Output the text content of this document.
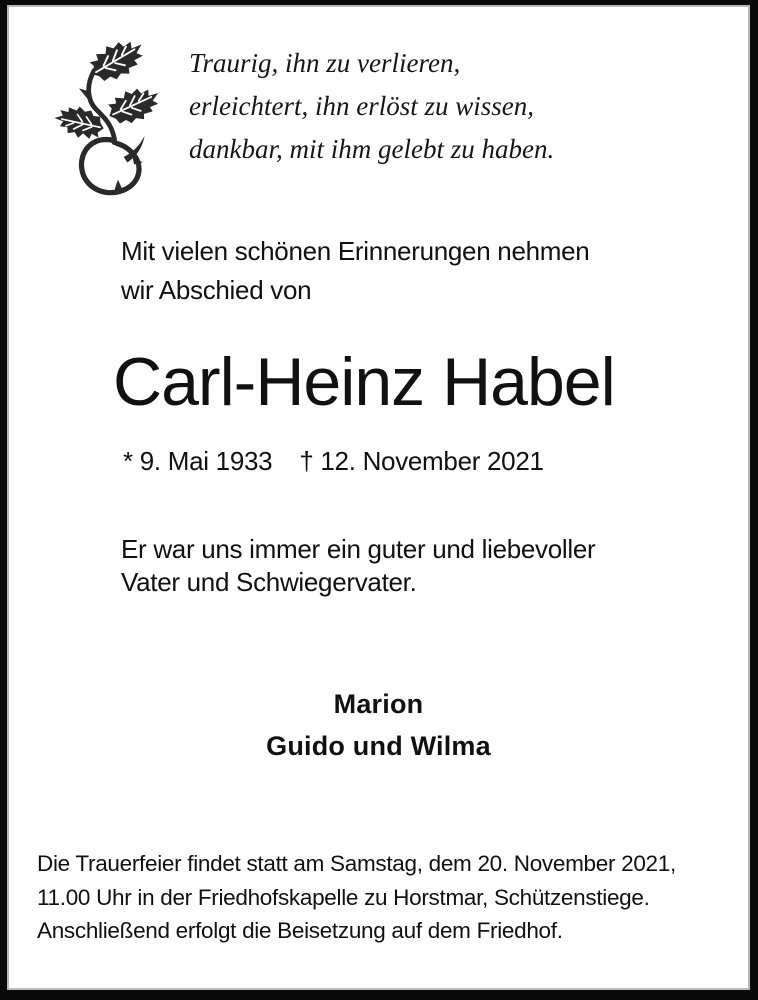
Traurig, ihn zu verlieren,
erleichtert, ihn erlöst zu wissen,
dankbar, mit ihm gelebt zu haben.
Mit vielen schönen Erinnerungen nehmen
wir Abschied von
Carl-Heinz Habel
* 9. Mai 1933 † 12. November 2021
Er war uns immer ein guter und liebevoller
Vater und Schwiegervater.
Marion
Guido und Wilma
Die Trauerfeier findet statt am Samstag, dem 20. November 2021,
11.00 Uhr in der Friedhofskapelle zu Horstmar, Schützenstiege.
Anschließend erfolgt die Beisetzung auf dem Friedhof.
